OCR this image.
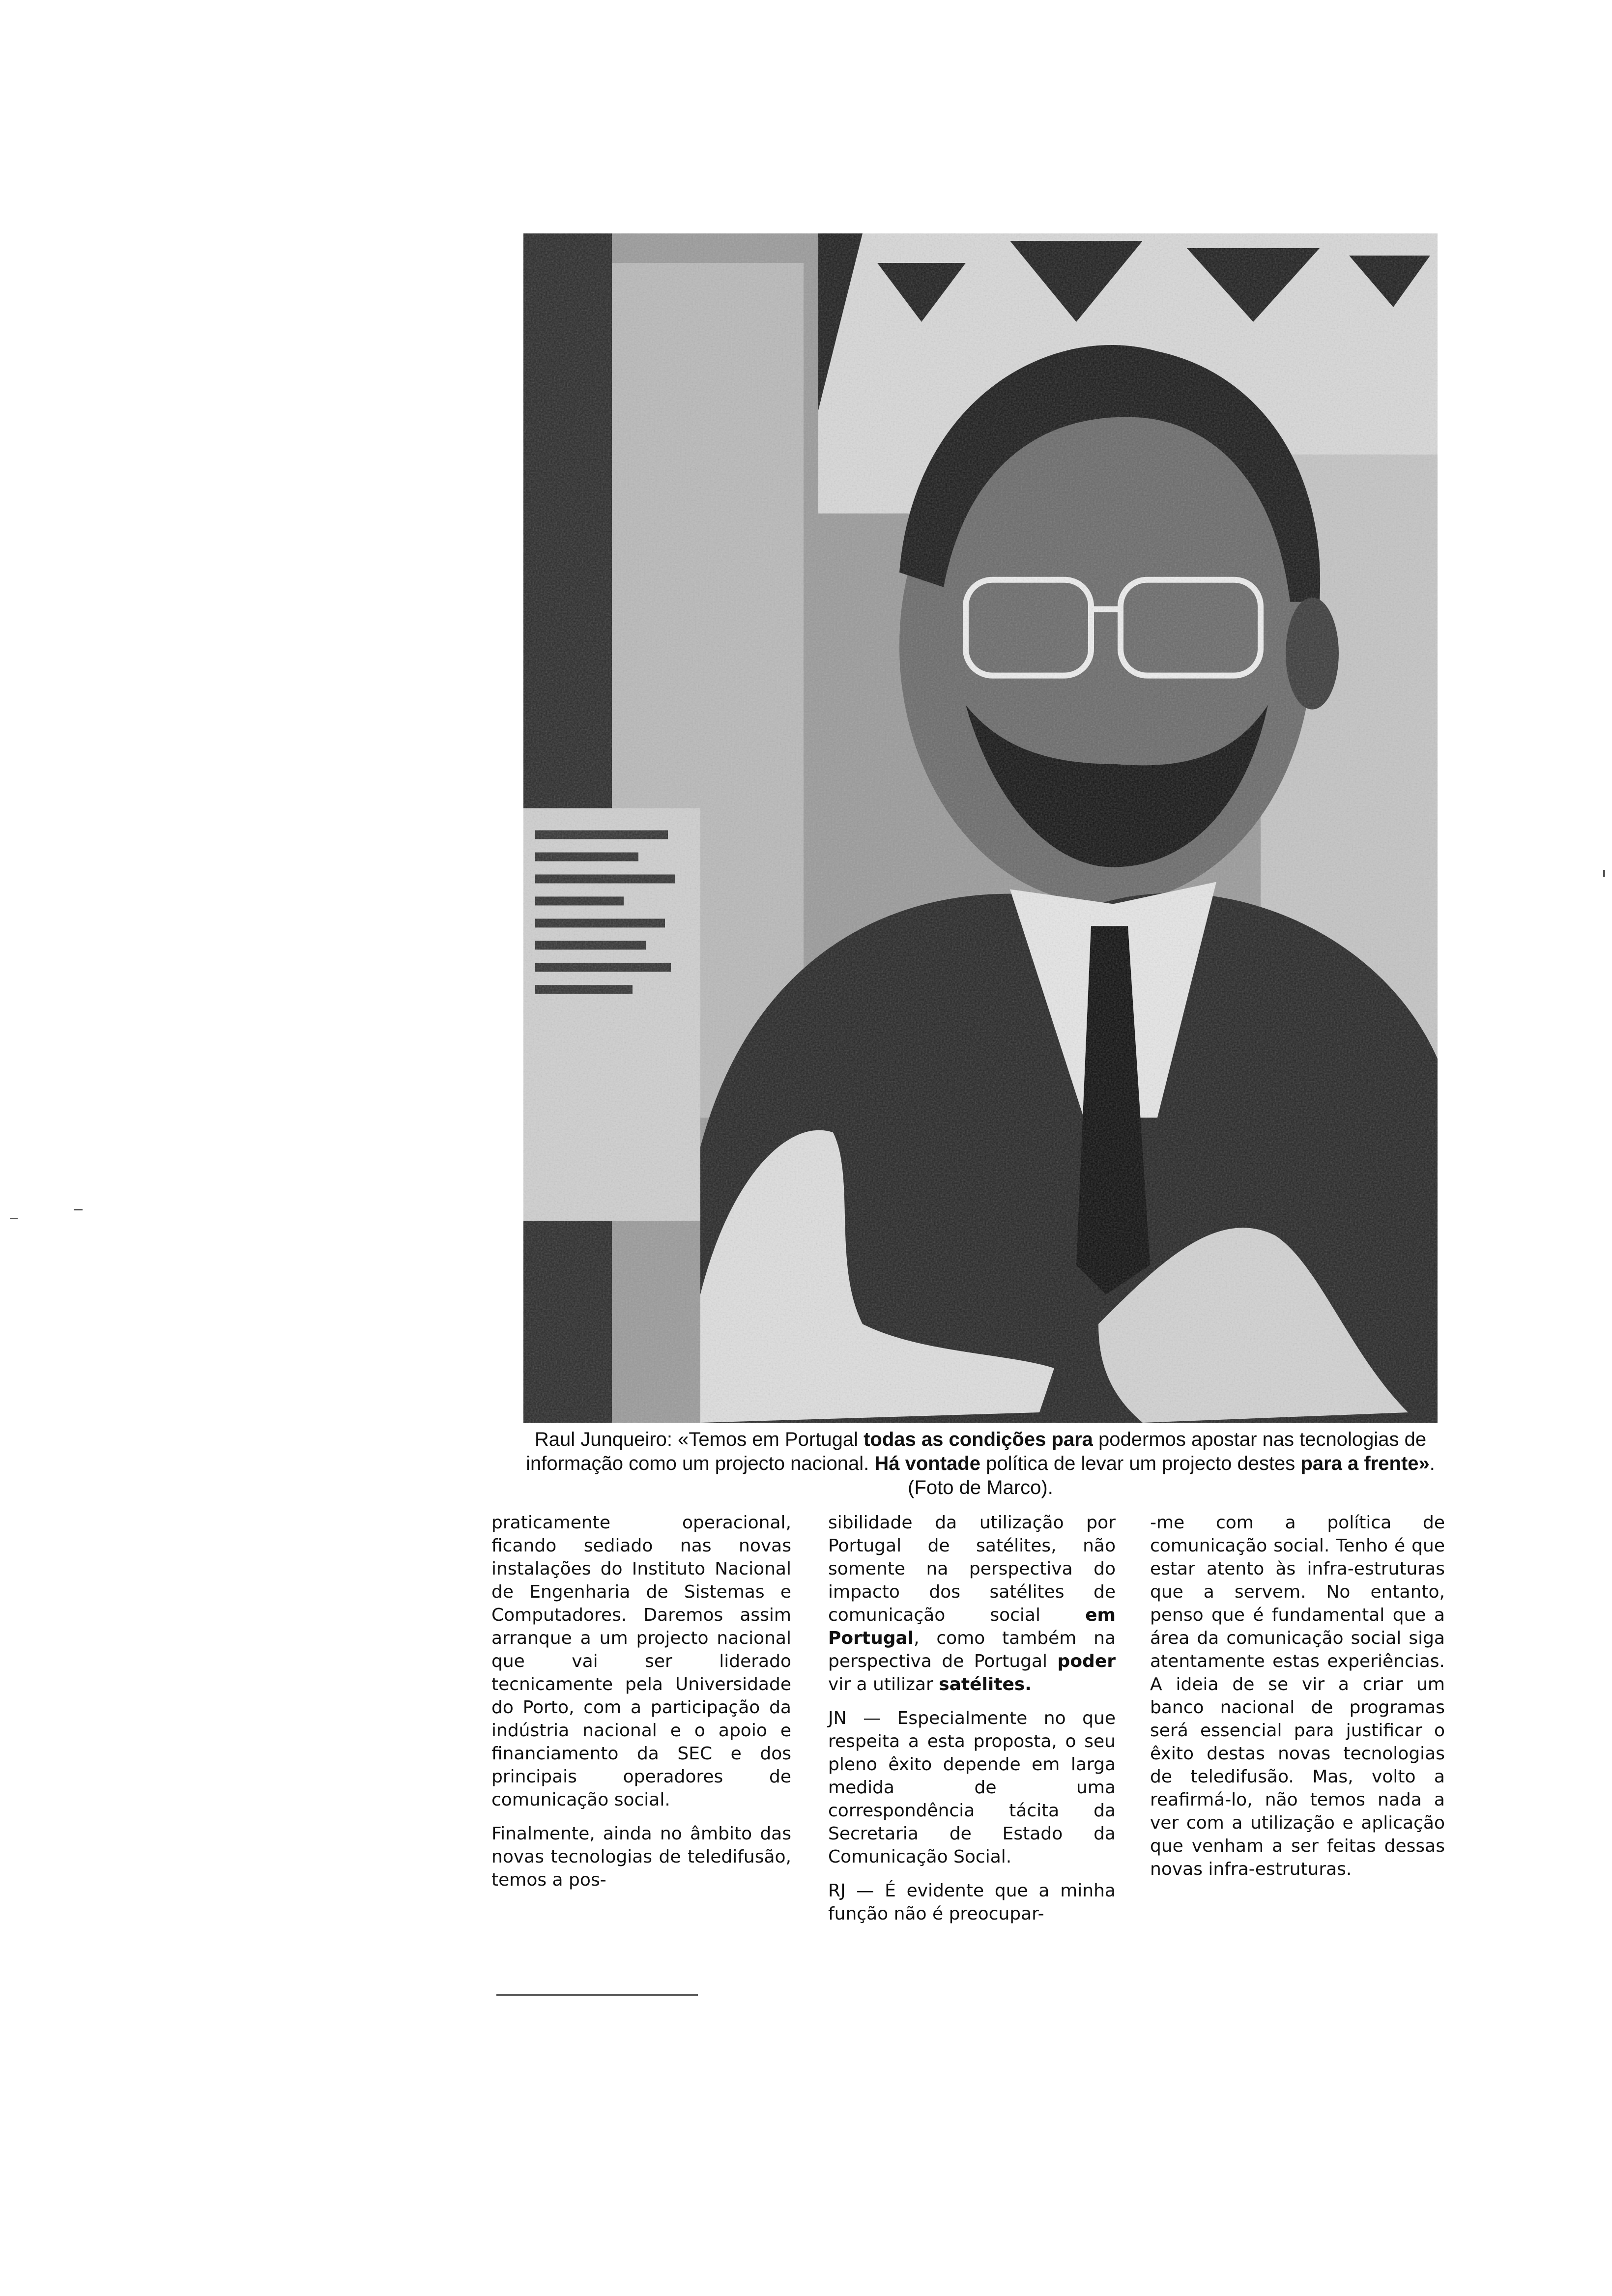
Raul Junqueiro: «Temos em Portugal todas as condições para podermos apostar nas tecnologias de informação como um projecto nacional. Há vontade política de levar um projecto destes para a frente». (Foto de Marco).

praticamente operacional, ficando sediado nas novas instalações do Instituto Nacional de Engenharia de Sistemas e Computadores. Daremos assim arranque a um projecto nacional que vai ser liderado tecnicamente pela Universidade do Porto, com a participação da indústria nacional e o apoio e financiamento da SEC e dos principais operadores de comunicação social.

Finalmente, ainda no âmbito das novas tecnologias de teledifusão, temos a pos-

sibilidade da utilização por Portugal de satélites, não somente na perspectiva do impacto dos satélites de comunicação social em Portugal, como também na perspectiva de Portugal poder vir a utilizar satélites.

JN — Especialmente no que respeita a esta proposta, o seu pleno êxito depende em larga medida de uma correspondência tácita da Secretaria de Estado da Comunicação Social.

RJ — É evidente que a minha função não é preocupar-

-me com a política de comunicação social. Tenho é que estar atento às infra-estruturas que a servem. No entanto, penso que é fundamental que a área da comunicação social siga atentamente estas experiências. A ideia de se vir a criar um banco nacional de programas será essencial para justificar o êxito destas novas tecnologias de teledifusão. Mas, volto a reafirmá-lo, não temos nada a ver com a utilização e aplicação que venham a ser feitas dessas novas infra-estruturas.
